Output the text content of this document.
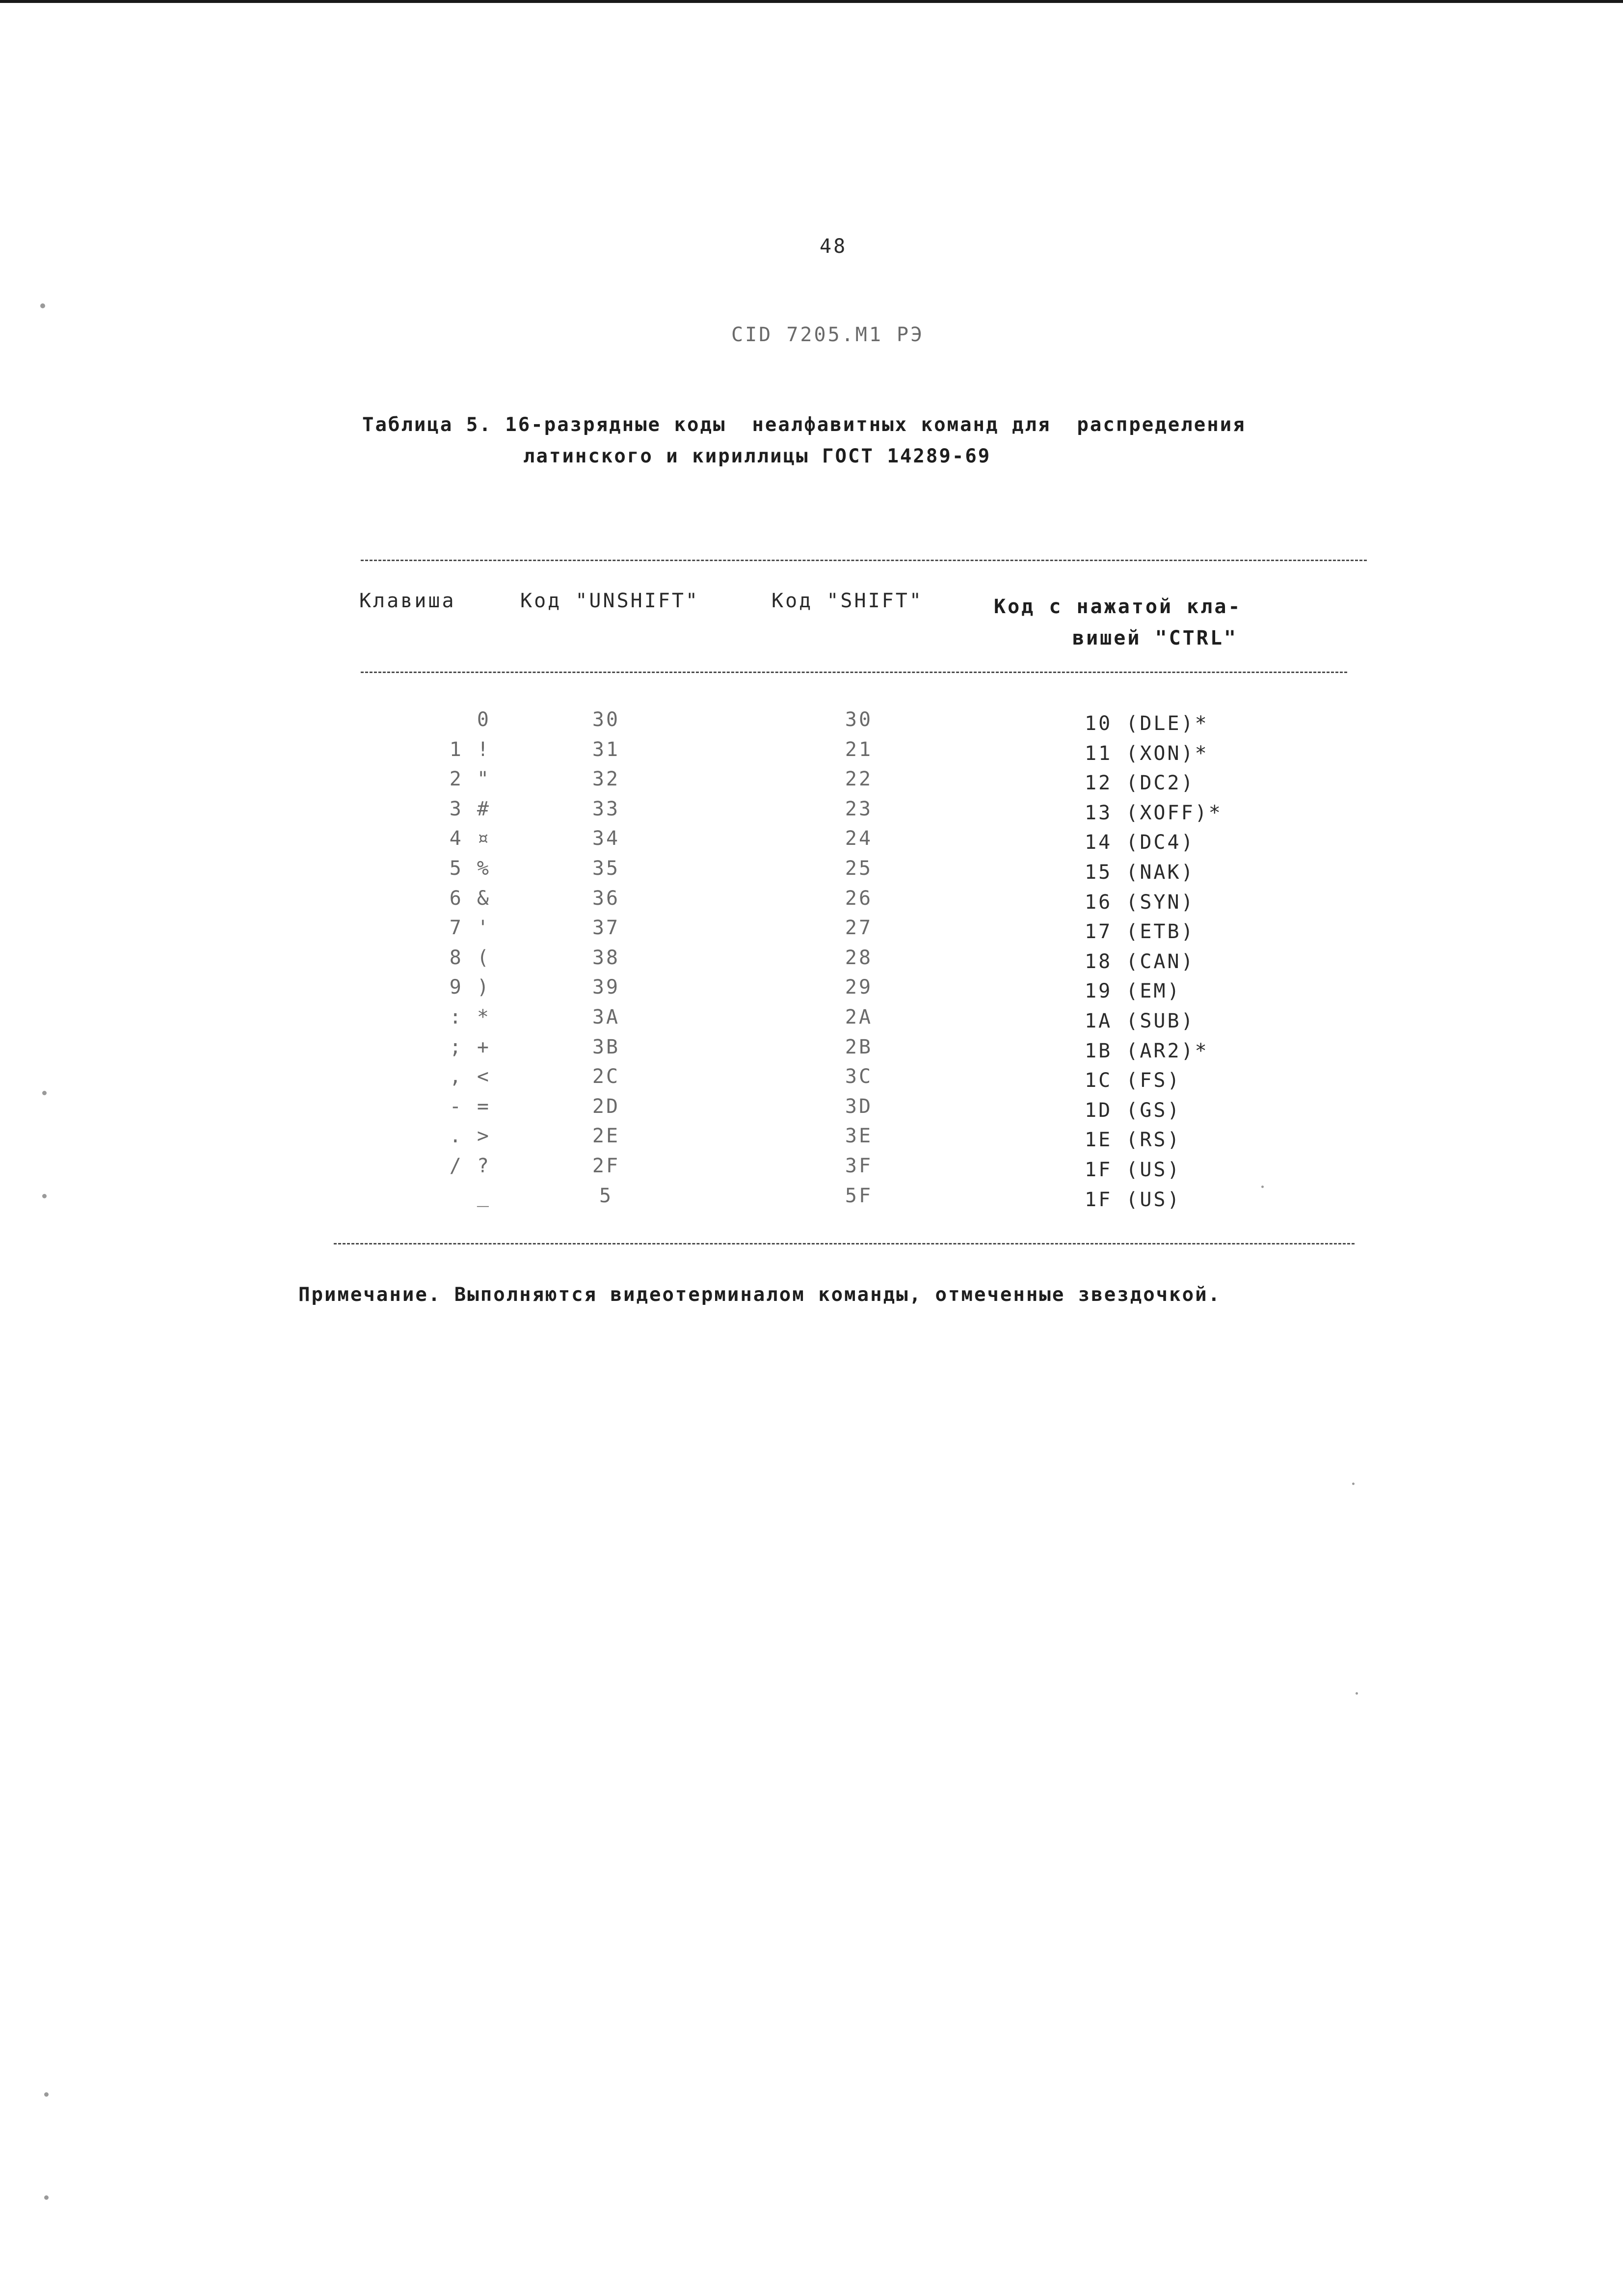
48
CID 7205.M1 РЭ
Таблица 5. 16-разрядные коды  неалфавитных команд для  распределения
латинского и кириллицы ГОСТ 14289-69
Клавиша	Код "UNSHIFT"	Код "SHIFT"	Код с нажатой кла-
вишей "CTRL"
0	30	30	10 (DLE)*
1 !	31	21	11 (XON)*
2 "	32	22	12 (DC2)
3 #	33	23	13 (XOFF)*
4 ¤	34	24	14 (DC4)
5 %	35	25	15 (NAK)
6 &	36	26	16 (SYN)
7 '	37	27	17 (ETB)
8 (	38	28	18 (CAN)
9 )	39	29	19 (EM)
: *	3A	2A	1A (SUB)
; +	3B	2B	1B (AR2)*
, <	2C	3C	1C (FS)
- =	2D	3D	1D (GS)
. >	2E	3E	1E (RS)
/ ?	2F	3F	1F (US)
_	5	5F	1F (US)
Примечание. Выполняются видеотерминалом команды, отмеченные звездочкой.
